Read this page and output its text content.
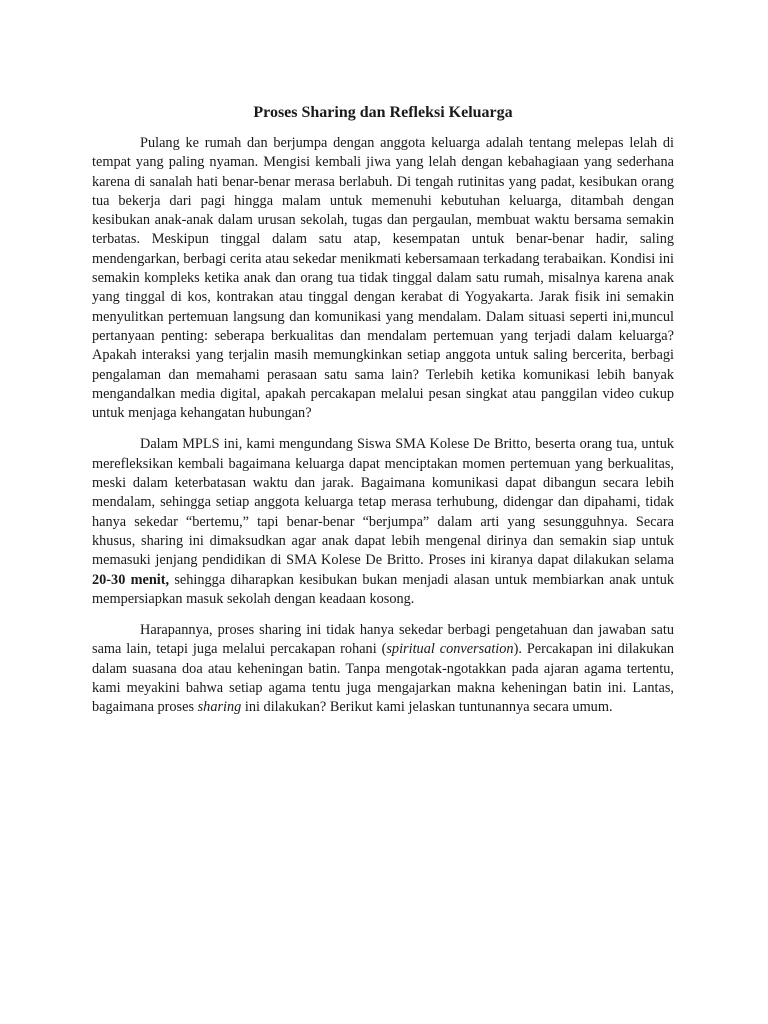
Proses Sharing dan Refleksi Keluarga

Pulang ke rumah dan berjumpa dengan anggota keluarga adalah tentang melepas lelah di tempat yang paling nyaman. Mengisi kembali jiwa yang lelah dengan kebahagiaan yang sederhana karena di sanalah hati benar-benar merasa berlabuh. Di tengah rutinitas yang padat, kesibukan orang tua bekerja dari pagi hingga malam untuk memenuhi kebutuhan keluarga, ditambah dengan kesibukan anak-anak dalam urusan sekolah, tugas dan pergaulan, membuat waktu bersama semakin terbatas. Meskipun tinggal dalam satu atap, kesempatan untuk benar-benar hadir, saling mendengarkan, berbagi cerita atau sekedar menikmati kebersamaan terkadang terabaikan. Kondisi ini semakin kompleks ketika anak dan orang tua tidak tinggal dalam satu rumah, misalnya karena anak yang tinggal di kos, kontrakan atau tinggal dengan kerabat di Yogyakarta. Jarak fisik ini semakin menyulitkan pertemuan langsung dan komunikasi yang mendalam. Dalam situasi seperti ini,muncul pertanyaan penting: seberapa berkualitas dan mendalam pertemuan yang terjadi dalam keluarga? Apakah interaksi yang terjalin masih memungkinkan setiap anggota untuk saling bercerita, berbagi pengalaman dan memahami perasaan satu sama lain? Terlebih ketika komunikasi lebih banyak mengandalkan media digital, apakah percakapan melalui pesan singkat atau panggilan video cukup untuk menjaga kehangatan hubungan?

Dalam MPLS ini, kami mengundang Siswa SMA Kolese De Britto, beserta orang tua, untuk merefleksikan kembali bagaimana keluarga dapat menciptakan momen pertemuan yang berkualitas, meski dalam keterbatasan waktu dan jarak. Bagaimana komunikasi dapat dibangun secara lebih mendalam, sehingga setiap anggota keluarga tetap merasa terhubung, didengar dan dipahami, tidak hanya sekedar “bertemu,” tapi benar-benar “berjumpa” dalam arti yang sesungguhnya. Secara khusus, sharing ini dimaksudkan agar anak dapat lebih mengenal dirinya dan semakin siap untuk memasuki jenjang pendidikan di SMA Kolese De Britto. Proses ini kiranya dapat dilakukan selama 20-30 menit, sehingga diharapkan kesibukan bukan menjadi alasan untuk membiarkan anak untuk mempersiapkan masuk sekolah dengan keadaan kosong.

Harapannya, proses sharing ini tidak hanya sekedar berbagi pengetahuan dan jawaban satu sama lain, tetapi juga melalui percakapan rohani (spiritual conversation). Percakapan ini dilakukan dalam suasana doa atau keheningan batin. Tanpa mengotak-ngotakkan pada ajaran agama tertentu, kami meyakini bahwa setiap agama tentu juga mengajarkan makna keheningan batin ini. Lantas, bagaimana proses sharing ini dilakukan? Berikut kami jelaskan tuntunannya secara umum.
